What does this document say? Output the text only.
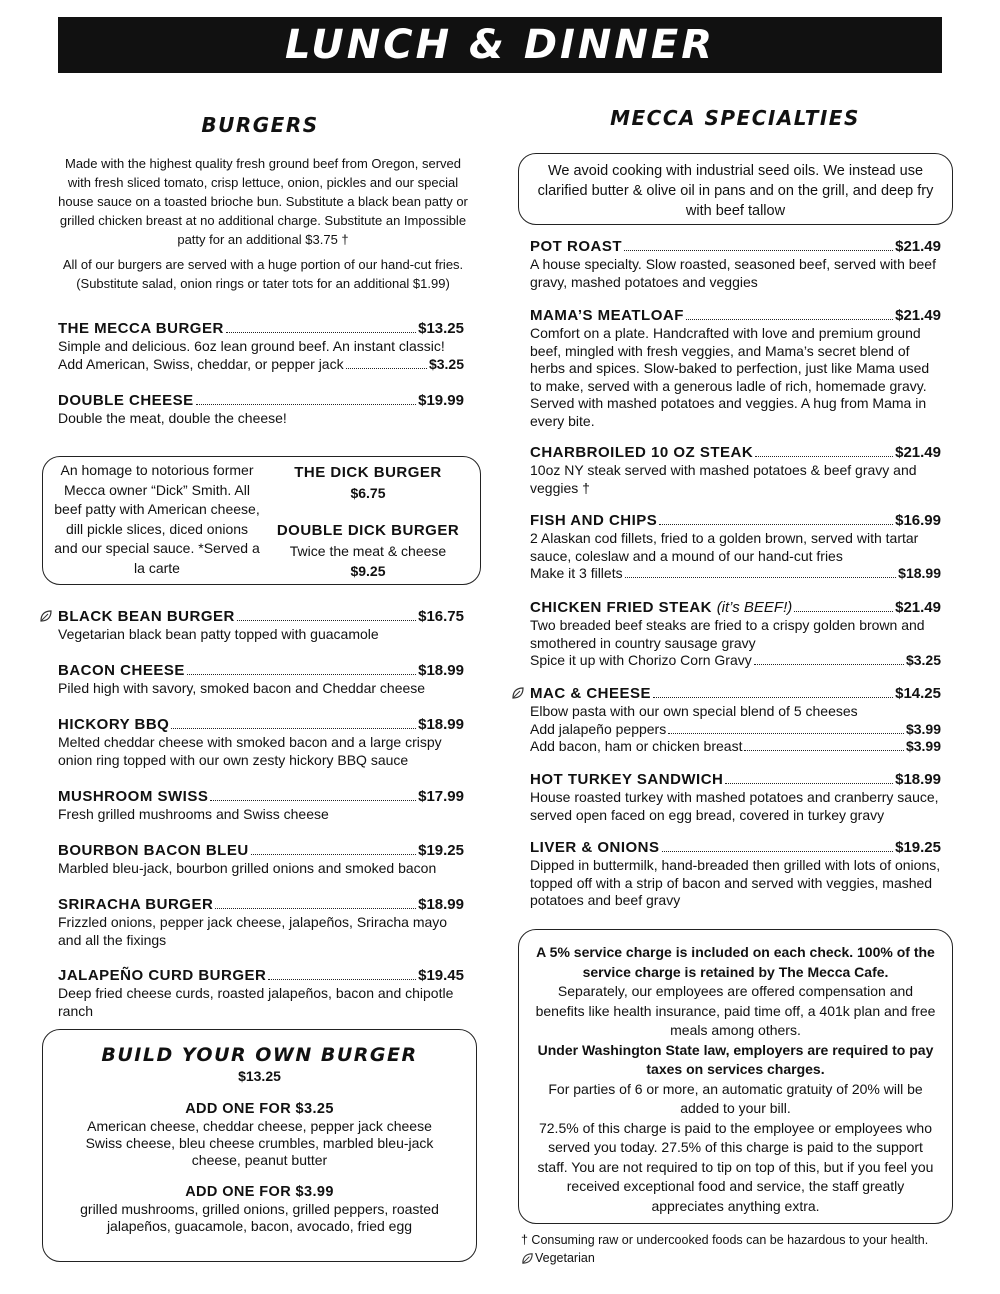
LUNCH & DINNER
BURGERS
Made with the highest quality fresh ground beef from Oregon, served with fresh sliced tomato, crisp lettuce, onion, pickles and our special house sauce on a toasted brioche bun. Substitute a black bean patty or grilled chicken breast at no additional charge. Substitute an Impossible patty for an additional $3.75 †
All of our burgers are served with a huge portion of our hand-cut fries. (Substitute salad, onion rings or tater tots for an additional $1.99)
THE MECCA BURGER	$13.25
Simple and delicious. 6oz lean ground beef. An instant classic!
Add American, Swiss, cheddar, or pepper jack	$3.25
DOUBLE CHEESE	$19.99
Double the meat, double the cheese!
An homage to notorious former Mecca owner “Dick” Smith. All beef patty with American cheese, dill pickle slices, diced onions and our special sauce. *Served a la carte
THE DICK BURGER
$6.75
DOUBLE DICK BURGER
Twice the meat & cheese
$9.25
BLACK BEAN BURGER	$16.75
Vegetarian black bean patty topped with guacamole
BACON CHEESE	$18.99
Piled high with savory, smoked bacon and Cheddar cheese
HICKORY BBQ	$18.99
Melted cheddar cheese with smoked bacon and a large crispy onion ring topped with our own zesty hickory BBQ sauce
MUSHROOM SWISS	$17.99
Fresh grilled mushrooms and Swiss cheese
BOURBON BACON BLEU	$19.25
Marbled bleu-jack, bourbon grilled onions and smoked bacon
SRIRACHA BURGER	$18.99
Frizzled onions, pepper jack cheese, jalapeños, Sriracha mayo and all the fixings
JALAPEÑO CURD BURGER	$19.45
Deep fried cheese curds, roasted jalapeños, bacon and chipotle ranch
BUILD YOUR OWN BURGER
$13.25
ADD ONE FOR $3.25
American cheese, cheddar cheese, pepper jack cheese Swiss cheese, bleu cheese crumbles, marbled bleu-jack cheese, peanut butter
ADD ONE FOR $3.99
grilled mushrooms, grilled onions, grilled peppers, roasted jalapeños, guacamole, bacon, avocado, fried egg
MECCA SPECIALTIES
We avoid cooking with industrial seed oils. We instead use clarified butter & olive oil in pans and on the grill, and deep fry with beef tallow
POT ROAST	$21.49
A house specialty. Slow roasted, seasoned beef, served with beef gravy, mashed potatoes and veggies
MAMA’S MEATLOAF	$21.49
Comfort on a plate. Handcrafted with love and premium ground beef, mingled with fresh veggies, and Mama’s secret blend of herbs and spices. Slow-baked to perfection, just like Mama used to make, served with a generous ladle of rich, homemade gravy. Served with mashed potatoes and veggies. A hug from Mama in every bite.
CHARBROILED 10 OZ STEAK	$21.49
10oz NY steak served with mashed potatoes & beef gravy and veggies †
FISH AND CHIPS	$16.99
2 Alaskan cod fillets, fried to a golden brown, served with tartar sauce, coleslaw and a mound of our hand-cut fries
Make it 3 fillets	$18.99
CHICKEN FRIED STEAK (it’s BEEF!)	$21.49
Two breaded beef steaks are fried to a crispy golden brown and smothered in country sausage gravy
Spice it up with Chorizo Corn Gravy	$3.25
MAC & CHEESE	$14.25
Elbow pasta with our own special blend of 5 cheeses
Add jalapeño peppers	$3.99
Add bacon, ham or chicken breast	$3.99
HOT TURKEY SANDWICH	$18.99
House roasted turkey with mashed potatoes and cranberry sauce, served open faced on egg bread, covered in turkey gravy
LIVER & ONIONS	$19.25
Dipped in buttermilk, hand-breaded then grilled with lots of onions, topped off with a strip of bacon and served with veggies, mashed potatoes and beef gravy
A 5% service charge is included on each check. 100% of the service charge is retained by The Mecca Cafe.
Separately, our employees are offered compensation and benefits like health insurance, paid time off, a 401k plan and free meals among others.
Under Washington State law, employers are required to pay taxes on services charges.
For parties of 6 or more, an automatic gratuity of 20% will be added to your bill.
72.5% of this charge is paid to the employee or employees who served you today. 27.5% of this charge is paid to the support staff. You are not required to tip on top of this, but if you feel you received exceptional food and service, the staff greatly appreciates anything extra.
† Consuming raw or undercooked foods can be hazardous to your health.
Vegetarian
